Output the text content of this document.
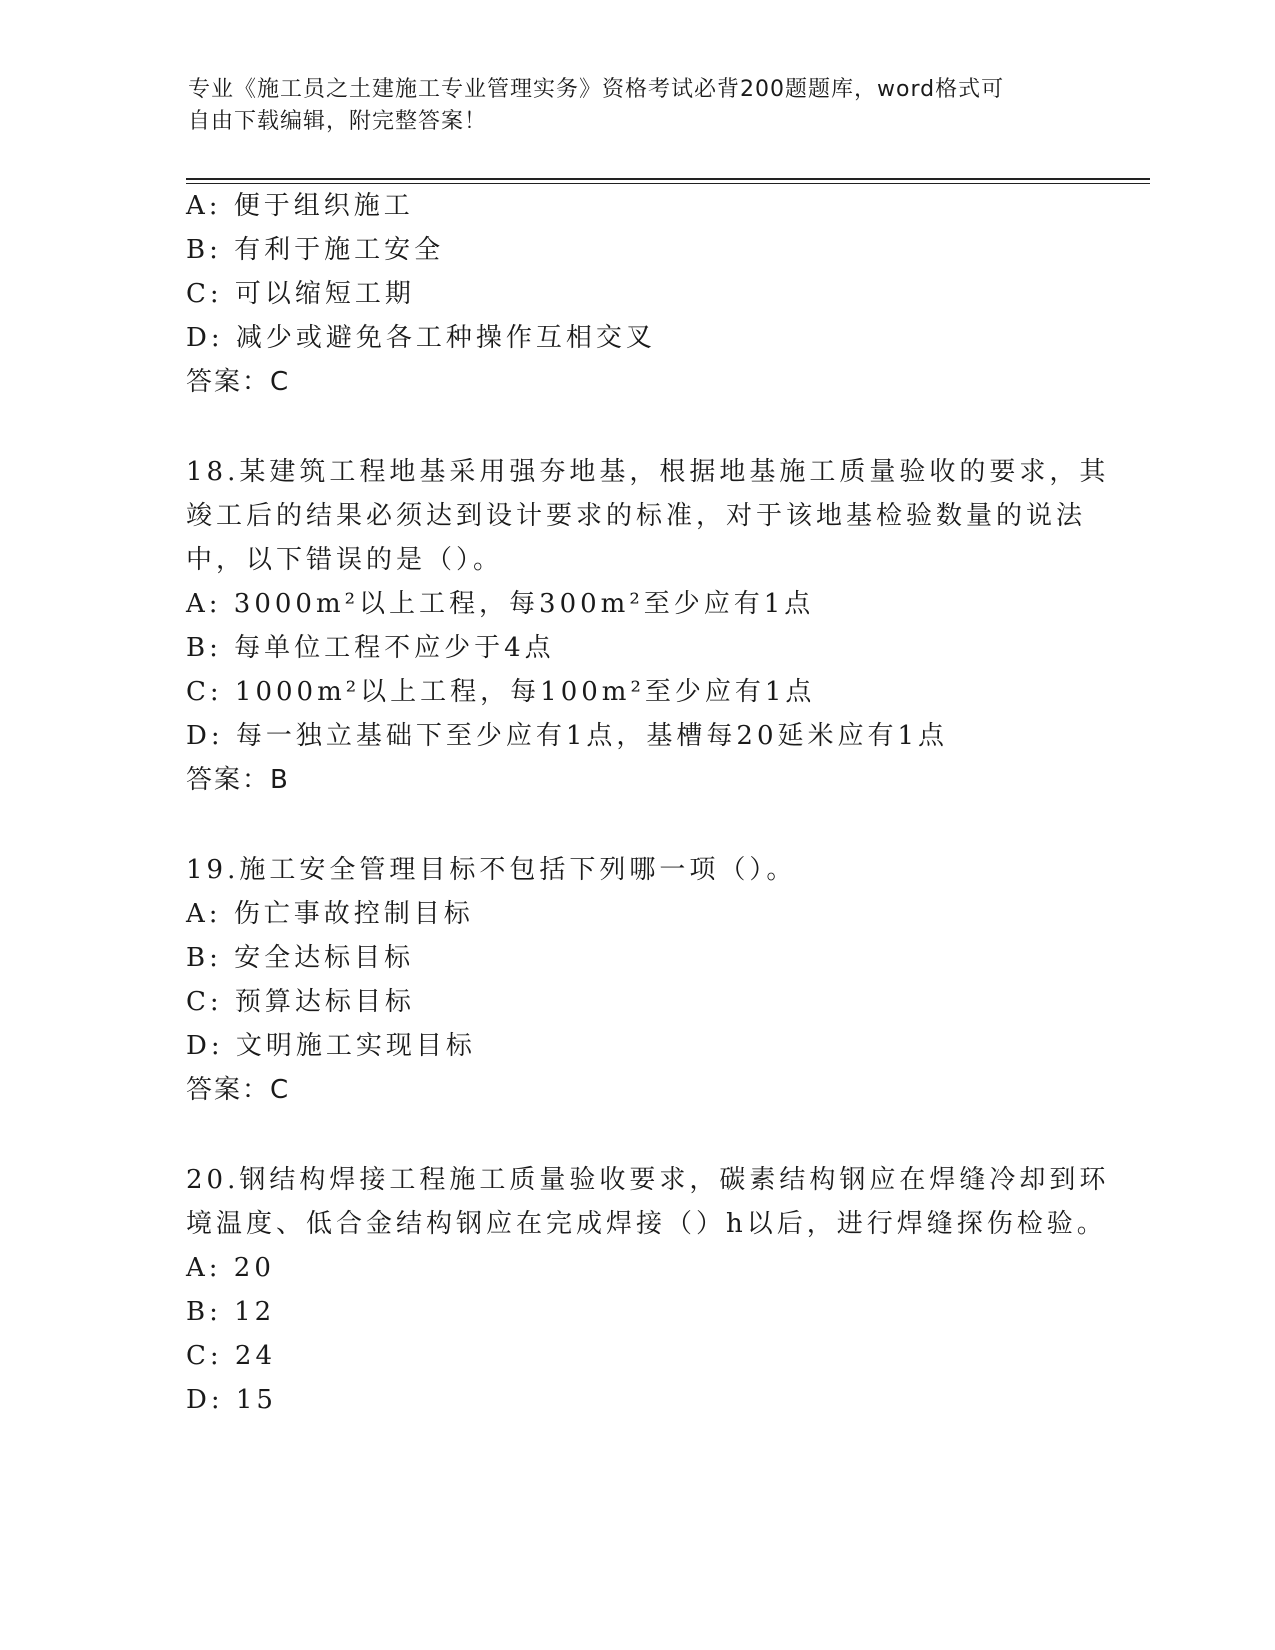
专业《施工员之土建施工专业管理实务》资格考试必背200题题库，word格式可
自由下载编辑，附完整答案！
A: 便于组织施工
B: 有利于施工安全
C: 可以缩短工期
D: 减少或避免各工种操作互相交叉
答案：C
18.某建筑工程地基采用强夯地基，根据地基施工质量验收的要求，其
竣工后的结果必须达到设计要求的标准，对于该地基检验数量的说法
中，以下错误的是（）。
A: 3000m²以上工程，每300m²至少应有1点
B: 每单位工程不应少于4点
C: 1000m²以上工程，每100m²至少应有1点
D: 每一独立基础下至少应有1点，基槽每20延米应有1点
答案：B
19.施工安全管理目标不包括下列哪一项（）。
A: 伤亡事故控制目标
B: 安全达标目标
C: 预算达标目标
D: 文明施工实现目标
答案：C
20.钢结构焊接工程施工质量验收要求，碳素结构钢应在焊缝冷却到环
境温度、低合金结构钢应在完成焊接（）h以后，进行焊缝探伤检验。
A: 20
B: 12
C: 24
D: 15
